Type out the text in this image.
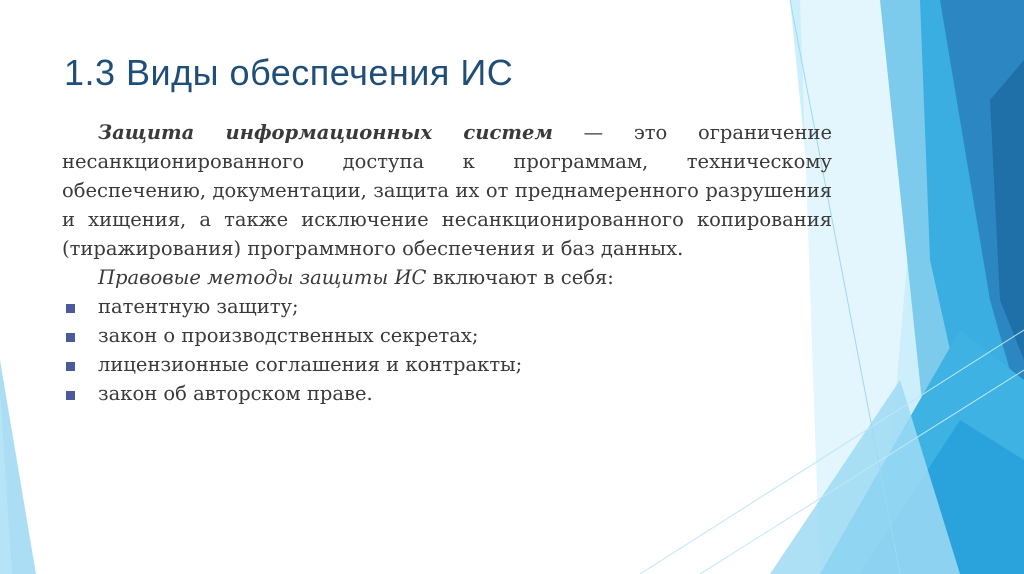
1.3 Виды обеспечения ИС

Защита информационных систем — это ограничение несанкционированного доступа к программам, техническому обеспечению, документации, защита их от преднамеренного разрушения и хищения, а также исключение несанкционированного копирования (тиражирования) программного обеспечения и баз данных.

Правовые методы защиты ИС включают в себя:

патентную защиту;
закон о производственных секретах;
лицензионные соглашения и контракты;
закон об авторском праве.
